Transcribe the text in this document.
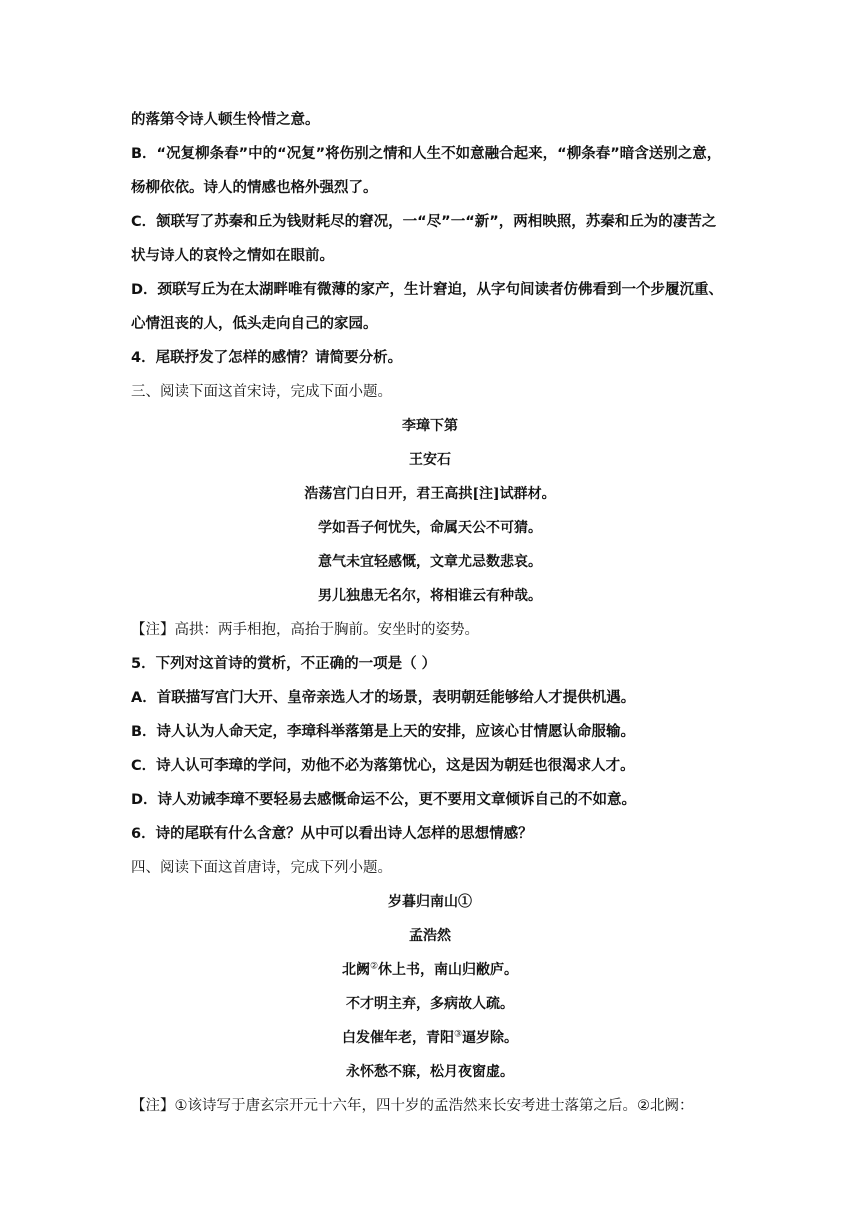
的落第令诗人顿生怜惜之意。

B．“况复柳条春”中的“况复”将伤别之情和人生不如意融合起来，“柳条春”暗含送别之意，

杨柳依依。诗人的情感也格外强烈了。

C．颔联写了苏秦和丘为钱财耗尽的窘况，一“尽”一“新”，两相映照，苏秦和丘为的凄苦之

状与诗人的哀怜之情如在眼前。

D．颈联写丘为在太湖畔唯有微薄的家产，生计窘迫，从字句间读者仿佛看到一个步履沉重、

心情沮丧的人，低头走向自己的家园。

4．尾联抒发了怎样的感情？请简要分析。

三、阅读下面这首宋诗，完成下面小题。

李璋下第

王安石

浩荡宫门白日开，君王高拱[注]试群材。

学如吾子何忧失，命属天公不可猜。

意气未宜轻感慨，文章尤忌数悲哀。

男儿独患无名尔，将相谁云有种哉。

【注】高拱：两手相抱，高抬于胸前。安坐时的姿势。

5．下列对这首诗的赏析，不正确的一项是（ ）

A．首联描写宫门大开、皇帝亲选人才的场景，表明朝廷能够给人才提供机遇。

B．诗人认为人命天定，李璋科举落第是上天的安排，应该心甘情愿认命服输。

C．诗人认可李璋的学问，劝他不必为落第忧心，这是因为朝廷也很渴求人才。

D．诗人劝诫李璋不要轻易去感慨命运不公，更不要用文章倾诉自己的不如意。

6．诗的尾联有什么含意？从中可以看出诗人怎样的思想情感？

四、阅读下面这首唐诗，完成下列小题。

岁暮归南山①

孟浩然

北阙②休上书，南山归敝庐。

不才明主弃，多病故人疏。

白发催年老，青阳③逼岁除。

永怀愁不寐，松月夜窗虚。

【注】①该诗写于唐玄宗开元十六年，四十岁的孟浩然来长安考进士落第之后。②北阙：
